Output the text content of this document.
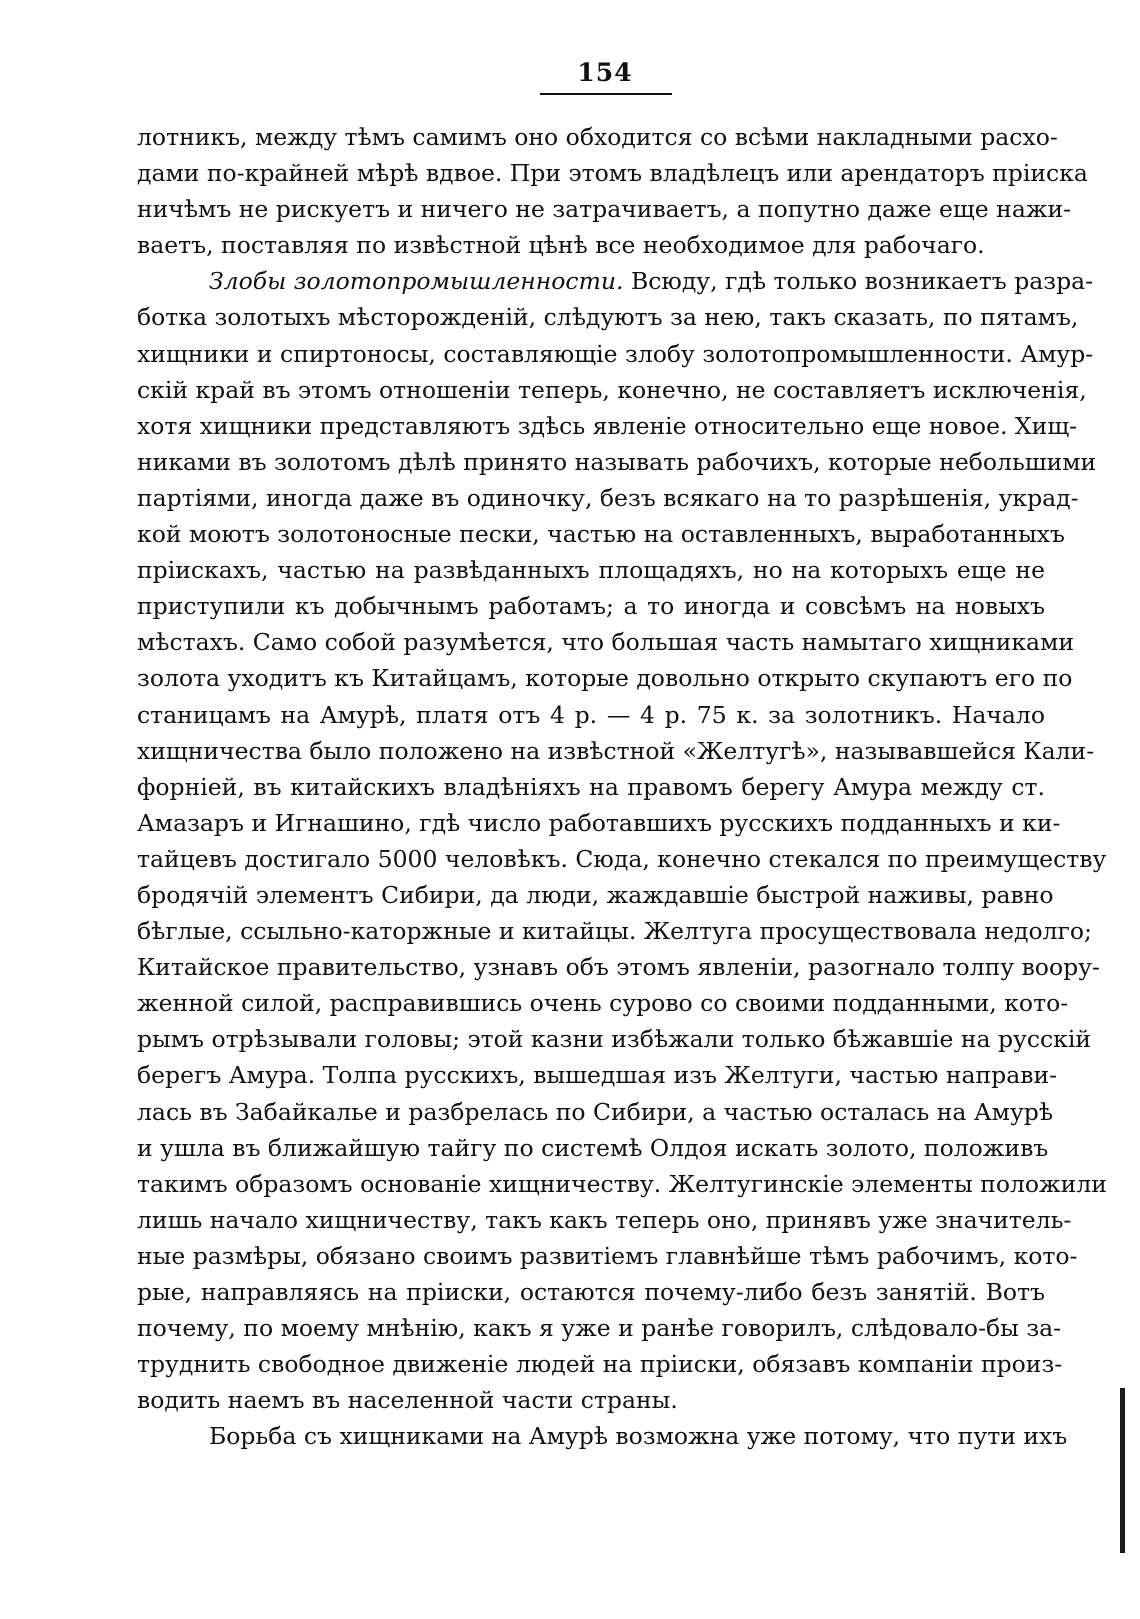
154
лотникъ, между тѣмъ самимъ оно обходится со всѣми накладными расхо-
дами по-крайней мѣрѣ вдвое. При этомъ владѣлецъ или арендаторъ пріиска
ничѣмъ не рискуетъ и ничего не затрачиваетъ, а попутно даже еще нажи-
ваетъ, поставляя по извѣстной цѣнѣ все необходимое для рабочаго.
Злобы золотопромышленности. Всюду, гдѣ только возникаетъ разра-
ботка золотыхъ мѣсторожденій, слѣдуютъ за нею, такъ сказать, по пятамъ,
хищники и спиртоносы, составляющіе злобу золотопромышленности. Амур-
скій край въ этомъ отношеніи теперь, конечно, не составляетъ исключенія,
хотя хищники представляютъ здѣсь явленіе относительно еще новое. Хищ-
никами въ золотомъ дѣлѣ принято называть рабочихъ, которые небольшими
партіями, иногда даже въ одиночку, безъ всякаго на то разрѣшенія, украд-
кой моютъ золотоносные пески, частью на оставленныхъ, выработанныхъ
пріискахъ, частью на развѣданныхъ площадяхъ, но на которыхъ еще не
приступили къ добычнымъ работамъ; а то иногда и совсѣмъ на новыхъ
мѣстахъ. Само собой разумѣется, что большая часть намытаго хищниками
золота уходитъ къ Китайцамъ, которые довольно открыто скупаютъ его по
станицамъ на Амурѣ, платя отъ 4 р. — 4 р. 75 к. за золотникъ. Начало
хищничества было положено на извѣстной «Желтугѣ», называвшейся Кали-
форніей, въ китайскихъ владѣніяхъ на правомъ берегу Амура между ст.
Амазаръ и Игнашино, гдѣ число работавшихъ русскихъ подданныхъ и ки-
тайцевъ достигало 5000 человѣкъ. Сюда, конечно стекался по преимуществу
бродячій элементъ Сибири, да люди, жаждавшіе быстрой наживы, равно
бѣглые, ссыльно-каторжные и китайцы. Желтуга просуществовала недолго;
Китайское правительство, узнавъ объ этомъ явленіи, разогнало толпу воору-
женной силой, расправившись очень сурово со своими подданными, кото-
рымъ отрѣзывали головы; этой казни избѣжали только бѣжавшіе на русскій
берегъ Амура. Толпа русскихъ, вышедшая изъ Желтуги, частью направи-
лась въ Забайкалье и разбрелась по Сибири, а частью осталась на Амурѣ
и ушла въ ближайшую тайгу по системѣ Олдоя искать золото, положивъ
такимъ образомъ основаніе хищничеству. Желтугинскіе элементы положили
лишь начало хищничеству, такъ какъ теперь оно, принявъ уже значитель-
ные размѣры, обязано своимъ развитіемъ главнѣйше тѣмъ рабочимъ, кото-
рые, направляясь на пріиски, остаются почему-либо безъ занятій. Вотъ
почему, по моему мнѣнію, какъ я уже и ранѣе говорилъ, слѣдовало-бы за-
труднить свободное движеніе людей на пріиски, обязавъ компаніи произ-
водить наемъ въ населенной части страны.
Борьба съ хищниками на Амурѣ возможна уже потому, что пути ихъ
